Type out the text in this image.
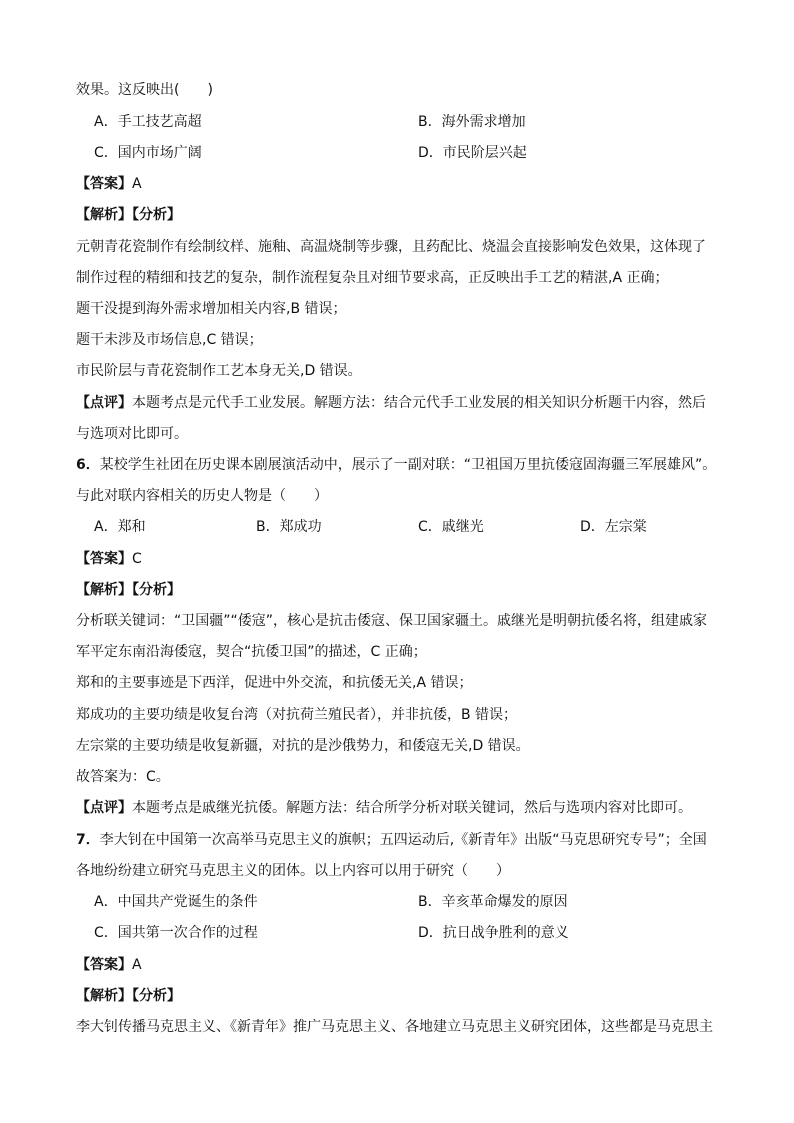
效果。这反映出(　　)
A．手工技艺高超	B．海外需求增加
C．国内市场广阔	D．市民阶层兴起
【答案】A
【解析】【分析】
元朝青花瓷制作有绘制纹样、施釉、高温烧制等步骤，且药配比、烧温会直接影响发色效果，这体现了
制作过程的精细和技艺的复杂，制作流程复杂且对细节要求高，正反映出手工艺的精湛,A 正确；
题干没提到海外需求增加相关内容,B 错误；
题干未涉及市场信息,C 错误；
市民阶层与青花瓷制作工艺本身无关,D 错误。
【点评】本题考点是元代手工业发展。解题方法：结合元代手工业发展的相关知识分析题干内容，然后
与选项对比即可。
6．某校学生社团在历史课本剧展演活动中，展示了一副对联：“卫祖国万里抗倭寇固海疆三军展雄风”。
与此对联内容相关的历史人物是（　　）
A．郑和	B．郑成功	C．戚继光	D．左宗棠
【答案】C
【解析】【分析】
分析联关键词：“卫国疆”“倭寇”，核心是抗击倭寇、保卫国家疆土。戚继光是明朝抗倭名将，组建戚家
军平定东南沿海倭寇，契合“抗倭卫国”的描述，C 正确；
郑和的主要事迹是下西洋，促进中外交流，和抗倭无关,A 错误；
郑成功的主要功绩是收复台湾（对抗荷兰殖民者），并非抗倭，B 错误；
左宗棠的主要功绩是收复新疆，对抗的是沙俄势力，和倭寇无关,D 错误。
故答案为：C。
【点评】本题考点是戚继光抗倭。解题方法：结合所学分析对联关键词，然后与选项内容对比即可。
7．李大钊在中国第一次高举马克思主义的旗帜；五四运动后,《新青年》出版“马克思研究专号”；全国
各地纷纷建立研究马克思主义的团体。以上内容可以用于研究（　　）
A．中国共产党诞生的条件	B．辛亥革命爆发的原因
C．国共第一次合作的过程	D．抗日战争胜利的意义
【答案】A
【解析】【分析】
李大钊传播马克思主义、《新青年》推广马克思主义、各地建立马克思主义研究团体，这些都是马克思主
